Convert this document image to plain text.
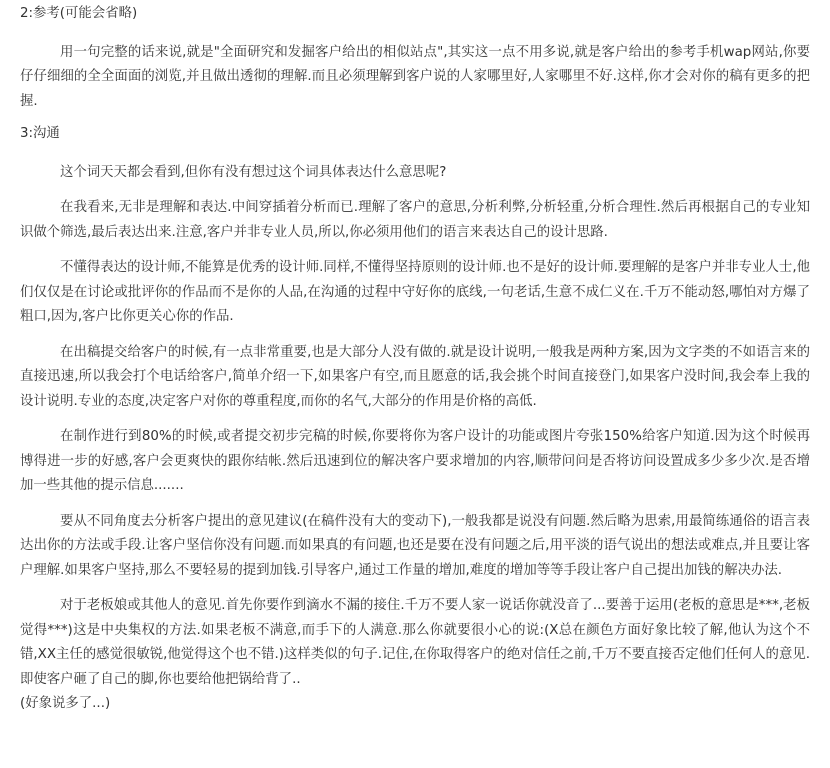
2:参考(可能会省略)

用一句完整的话来说,就是"全面研究和发掘客户给出的相似站点",其实这一点不用多说,就是客户给出的参考手机wap网站,你要仔仔细细的全全面面的浏览,并且做出透彻的理解.而且必须理解到客户说的人家哪里好,人家哪里不好.这样,你才会对你的稿有更多的把握.

3:沟通

这个词天天都会看到,但你有没有想过这个词具体表达什么意思呢?

在我看来,无非是理解和表达.中间穿插着分析而已.理解了客户的意思,分析利弊,分析轻重,分析合理性.然后再根据自己的专业知识做个筛选,最后表达出来.注意,客户并非专业人员,所以,你必须用他们的语言来表达自己的设计思路.

不懂得表达的设计师,不能算是优秀的设计师.同样,不懂得坚持原则的设计师.也不是好的设计师.要理解的是客户并非专业人士,他们仅仅是在讨论或批评你的作品而不是你的人品,在沟通的过程中守好你的底线,一句老话,生意不成仁义在.千万不能动怒,哪怕对方爆了粗口,因为,客户比你更关心你的作品.

在出稿提交给客户的时候,有一点非常重要,也是大部分人没有做的.就是设计说明,一般我是两种方案,因为文字类的不如语言来的直接迅速,所以我会打个电话给客户,简单介绍一下,如果客户有空,而且愿意的话,我会挑个时间直接登门,如果客户没时间,我会奉上我的设计说明.专业的态度,决定客户对你的尊重程度,而你的名气,大部分的作用是价格的高低.

在制作进行到80%的时候,或者提交初步完稿的时候,你要将你为客户设计的功能或图片夸张150%给客户知道.因为这个时候再博得进一步的好感,客户会更爽快的跟你结帐.然后迅速到位的解决客户要求增加的内容,顺带问问是否将访问设置成多少多少次.是否增加一些其他的提示信息.......

要从不同角度去分析客户提出的意见建议(在稿件没有大的变动下),一般我都是说没有问题.然后略为思索,用最简练通俗的语言表达出你的方法或手段.让客户坚信你没有问题.而如果真的有问题,也还是要在没有问题之后,用平淡的语气说出的想法或难点,并且要让客户理解.如果客户坚持,那么不要轻易的提到加钱.引导客户,通过工作量的增加,难度的增加等等手段让客户自己提出加钱的解决办法.

对于老板娘或其他人的意见.首先你要作到滴水不漏的接住.千万不要人家一说话你就没音了...要善于运用(老板的意思是***,老板觉得***)这是中央集权的方法.如果老板不满意,而手下的人满意.那么你就要很小心的说:(X总在颜色方面好象比较了解,他认为这个不错,XX主任的感觉很敏锐,他觉得这个也不错.)这样类似的句子.记住,在你取得客户的绝对信任之前,千万不要直接否定他们任何人的意见.即使客户砸了自己的脚,你也要给他把锅给背了..

(好象说多了...)
